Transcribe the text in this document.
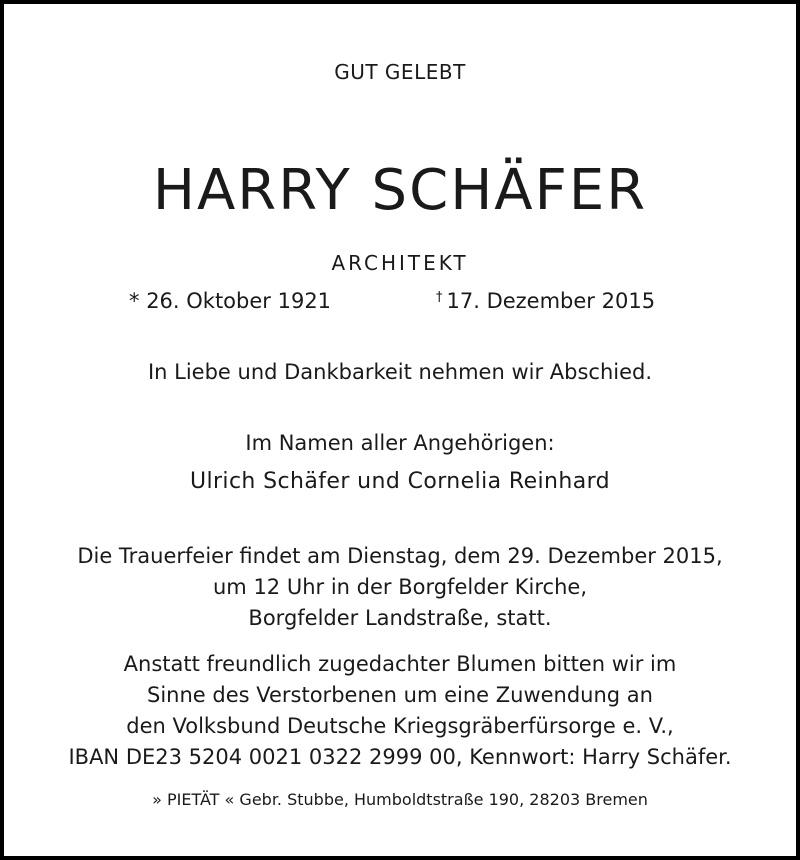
GUT GELEBT

HARRY SCHÄFER

ARCHITEKT

* 26. Oktober 1921	† 17. Dezember 2015

In Liebe und Dankbarkeit nehmen wir Abschied.

Im Namen aller Angehörigen:

Ulrich Schäfer und Cornelia Reinhard

Die Trauerfeier findet am Dienstag, dem 29. Dezember 2015,

um 12 Uhr in der Borgfelder Kirche,

Borgfelder Landstraße, statt.

Anstatt freundlich zugedachter Blumen bitten wir im

Sinne des Verstorbenen um eine Zuwendung an

den Volksbund Deutsche Kriegsgräberfürsorge e. V.,

IBAN DE23 5204 0021 0322 2999 00, Kennwort: Harry Schäfer.

» PIETÄT « Gebr. Stubbe, Humboldtstraße 190, 28203 Bremen
